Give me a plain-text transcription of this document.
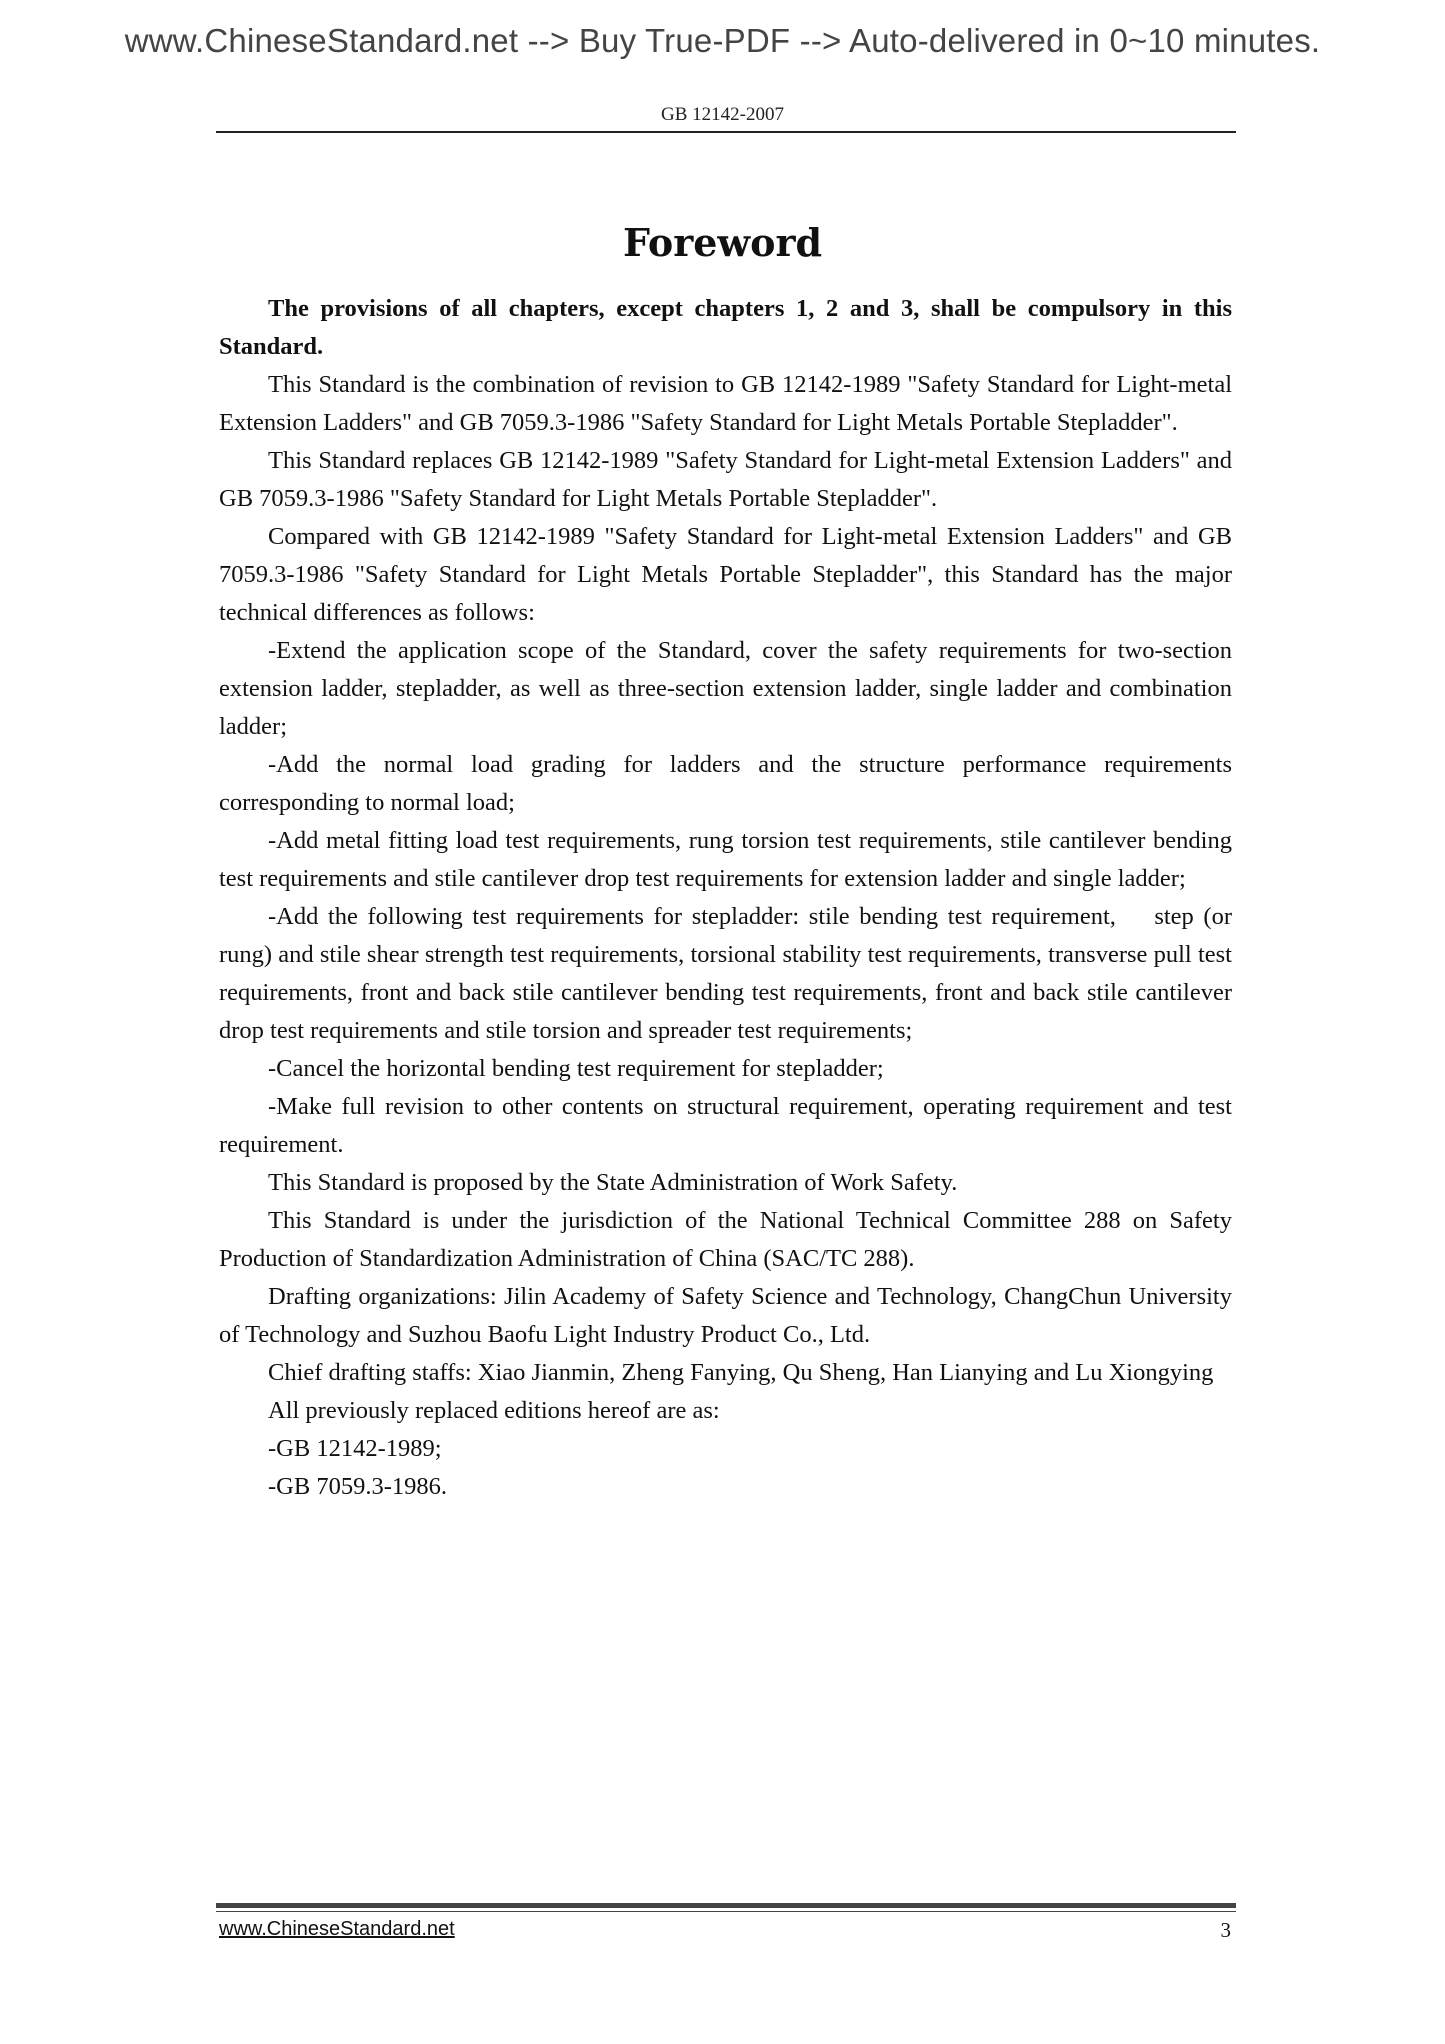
www.ChineseStandard.net --> Buy True-PDF --> Auto-delivered in 0~10 minutes.
GB 12142-2007
Foreword

The provisions of all chapters, except chapters 1, 2 and 3, shall be compulsory in this Standard.

This Standard is the combination of revision to GB 12142-1989 "Safety Standard for Light-metal Extension Ladders" and GB 7059.3-1986 "Safety Standard for Light Metals Portable Stepladder".

This Standard replaces GB 12142-1989 "Safety Standard for Light-metal Extension Ladders" and GB 7059.3-1986 "Safety Standard for Light Metals Portable Stepladder".

Compared with GB 12142-1989 "Safety Standard for Light-metal Extension Ladders" and GB 7059.3-1986 "Safety Standard for Light Metals Portable Stepladder", this Standard has the major technical differences as follows:

-Extend the application scope of the Standard, cover the safety requirements for two-section extension ladder, stepladder, as well as three-section extension ladder, single ladder and combination ladder;

-Add the normal load grading for ladders and the structure performance requirements corresponding to normal load;

-Add metal fitting load test requirements, rung torsion test requirements, stile cantilever bending test requirements and stile cantilever drop test requirements for extension ladder and single ladder;

-Add the following test requirements for stepladder: stile bending test requirement,    step (or rung) and stile shear strength test requirements, torsional stability test requirements, transverse pull test requirements, front and back stile cantilever bending test requirements, front and back stile cantilever drop test requirements and stile torsion and spreader test requirements;

-Cancel the horizontal bending test requirement for stepladder;

-Make full revision to other contents on structural requirement, operating requirement and test requirement.

This Standard is proposed by the State Administration of Work Safety.

This Standard is under the jurisdiction of the National Technical Committee 288 on Safety Production of Standardization Administration of China (SAC/TC 288).

Drafting organizations: Jilin Academy of Safety Science and Technology, ChangChun University of Technology and Suzhou Baofu Light Industry Product Co., Ltd.

Chief drafting staffs: Xiao Jianmin, Zheng Fanying, Qu Sheng, Han Lianying and Lu Xiongying

All previously replaced editions hereof are as:

-GB 12142-1989;

-GB 7059.3-1986.

www.ChineseStandard.net	3
